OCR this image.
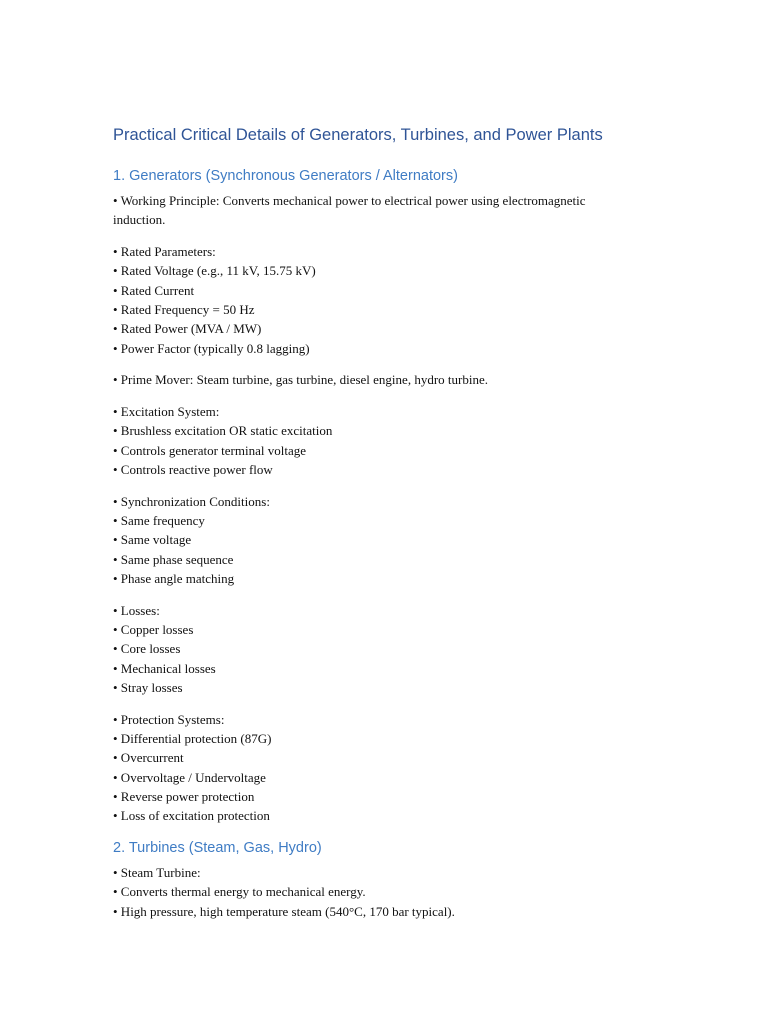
Practical Critical Details of Generators, Turbines, and Power Plants
1. Generators (Synchronous Generators / Alternators)
• Working Principle: Converts mechanical power to electrical power using electromagnetic
induction.
• Rated Parameters:
• Rated Voltage (e.g., 11 kV, 15.75 kV)
• Rated Current
• Rated Frequency = 50 Hz
• Rated Power (MVA / MW)
• Power Factor (typically 0.8 lagging)
• Prime Mover: Steam turbine, gas turbine, diesel engine, hydro turbine.
• Excitation System:
• Brushless excitation OR static excitation
• Controls generator terminal voltage
• Controls reactive power flow
• Synchronization Conditions:
• Same frequency
• Same voltage
• Same phase sequence
• Phase angle matching
• Losses:
• Copper losses
• Core losses
• Mechanical losses
• Stray losses
• Protection Systems:
• Differential protection (87G)
• Overcurrent
• Overvoltage / Undervoltage
• Reverse power protection
• Loss of excitation protection
2. Turbines (Steam, Gas, Hydro)
• Steam Turbine:
• Converts thermal energy to mechanical energy.
• High pressure, high temperature steam (540°C, 170 bar typical).
